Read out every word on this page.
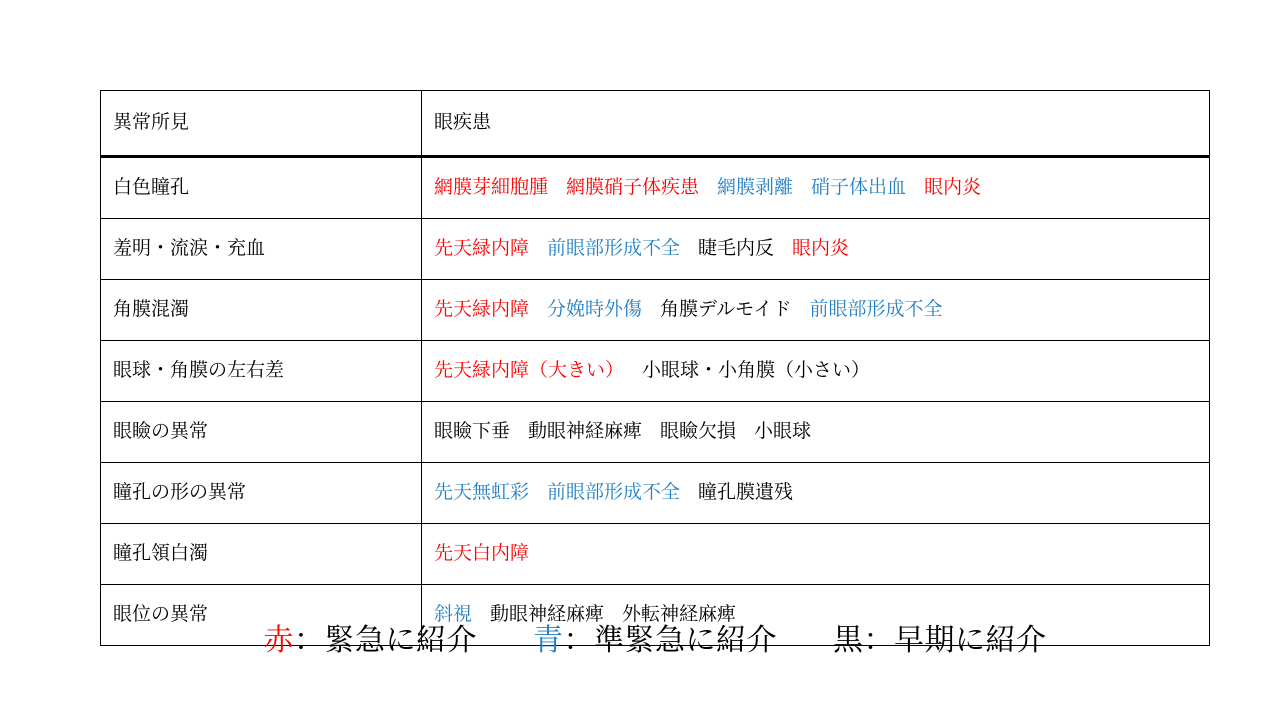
異常所見	眼疾患
白色瞳孔	網膜芽細胞腫 網膜硝子体疾患 網膜剥離 硝子体出血 眼内炎
羞明・流涙・充血	先天緑内障 前眼部形成不全 睫毛内反 眼内炎
角膜混濁	先天緑内障 分娩時外傷 角膜デルモイド 前眼部形成不全
眼球・角膜の左右差	先天緑内障（大きい） 小眼球・小角膜（小さい）
眼瞼の異常	眼瞼下垂 動眼神経麻痺 眼瞼欠損 小眼球
瞳孔の形の異常	先天無虹彩 前眼部形成不全 瞳孔膜遺残
瞳孔領白濁	先天白内障
眼位の異常	斜視 動眼神経麻痺 外転神経麻痺
赤：緊急に紹介 青：準緊急に紹介 黒：早期に紹介
